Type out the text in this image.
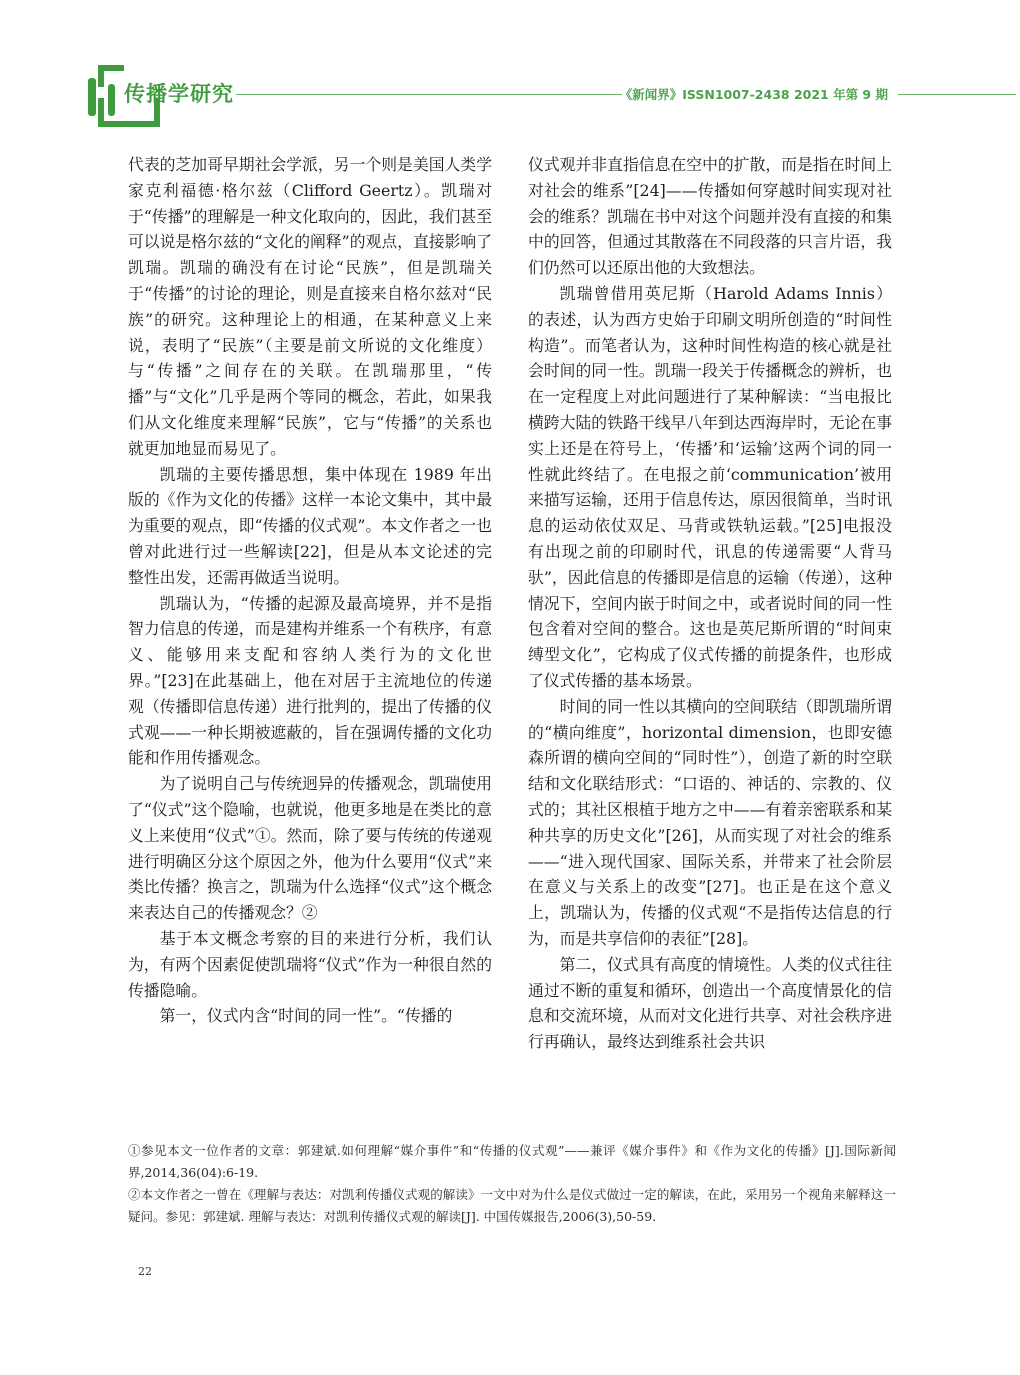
传播学研究	《新闻界》ISSN1007-2438 2021 年第 9 期

代表的芝加哥早期社会学派，另一个则是美国人类学家克利福德·格尔兹（Clifford Geertz）。凯瑞对于“传播”的理解是一种文化取向的，因此，我们甚至可以说是格尔兹的“文化的阐释”的观点，直接影响了凯瑞。凯瑞的确没有在讨论“民族”，但是凯瑞关于“传播”的讨论的理论，则是直接来自格尔兹对“民族”的研究。这种理论上的相通，在某种意义上来说，表明了“民族”（主要是前文所说的文化维度）与“传播”之间存在的关联。在凯瑞那里，“传播”与“文化”几乎是两个等同的概念，若此，如果我们从文化维度来理解“民族”，它与“传播”的关系也就更加地显而易见了。

凯瑞的主要传播思想，集中体现在 1989 年出版的《作为文化的传播》这样一本论文集中，其中最为重要的观点，即“传播的仪式观”。本文作者之一也曾对此进行过一些解读[22]，但是从本文论述的完整性出发，还需再做适当说明。

凯瑞认为，“传播的起源及最高境界，并不是指智力信息的传递，而是建构并维系一个有秩序，有意义、能够用来支配和容纳人类行为的文化世界。”[23]在此基础上，他在对居于主流地位的传递观（传播即信息传递）进行批判的，提出了传播的仪式观——一种长期被遮蔽的，旨在强调传播的文化功能和作用传播观念。

为了说明自己与传统迥异的传播观念，凯瑞使用了“仪式”这个隐喻，也就说，他更多地是在类比的意义上来使用“仪式”①。然而，除了要与传统的传递观进行明确区分这个原因之外，他为什么要用“仪式”来类比传播？换言之，凯瑞为什么选择“仪式”这个概念来表达自己的传播观念？②

基于本文概念考察的目的来进行分析，我们认为，有两个因素促使凯瑞将“仪式”作为一种很自然的传播隐喻。

第一，仪式内含“时间的同一性”。“传播的

仪式观并非直指信息在空中的扩散，而是指在时间上对社会的维系”[24]——传播如何穿越时间实现对社会的维系？凯瑞在书中对这个问题并没有直接的和集中的回答，但通过其散落在不同段落的只言片语，我们仍然可以还原出他的大致想法。

凯瑞曾借用英尼斯（Harold Adams Innis）的表述，认为西方史始于印刷文明所创造的“时间性构造”。而笔者认为，这种时间性构造的核心就是社会时间的同一性。凯瑞一段关于传播概念的辨析，也在一定程度上对此问题进行了某种解读：“当电报比横跨大陆的铁路干线早八年到达西海岸时，无论在事实上还是在符号上，‘传播’和‘运输’这两个词的同一性就此终结了。在电报之前‘communication’被用来描写运输，还用于信息传达，原因很简单，当时讯息的运动依仗双足、马背或铁轨运载。”[25]电报没有出现之前的印刷时代，讯息的传递需要“人背马驮”，因此信息的传播即是信息的运输（传递），这种情况下，空间内嵌于时间之中，或者说时间的同一性包含着对空间的整合。这也是英尼斯所谓的“时间束缚型文化”，它构成了仪式传播的前提条件，也形成了仪式传播的基本场景。

时间的同一性以其横向的空间联结（即凯瑞所谓的“横向维度”，horizontal dimension，也即安德森所谓的横向空间的“同时性”），创造了新的时空联结和文化联结形式：“口语的、神话的、宗教的、仪式的；其社区根植于地方之中——有着亲密联系和某种共享的历史文化”[26]，从而实现了对社会的维系——“进入现代国家、国际关系，并带来了社会阶层在意义与关系上的改变”[27]。也正是在这个意义上，凯瑞认为，传播的仪式观“不是指传达信息的行为，而是共享信仰的表征”[28]。

第二，仪式具有高度的情境性。人类的仪式往往通过不断的重复和循环，创造出一个高度情景化的信息和交流环境，从而对文化进行共享、对社会秩序进行再确认，最终达到维系社会共识

①参见本文一位作者的文章：郭建斌.如何理解“媒介事件”和“传播的仪式观”——兼评《媒介事件》和《作为文化的传播》[J].国际新闻界,2014,36(04):6-19.

②本文作者之一曾在《理解与表达：对凯利传播仪式观的解读》一文中对为什么是仪式做过一定的解读，在此，采用另一个视角来解释这一疑问。参见：郭建斌. 理解与表达：对凯利传播仪式观的解读[J]. 中国传媒报告,2006(3),50-59.

22
